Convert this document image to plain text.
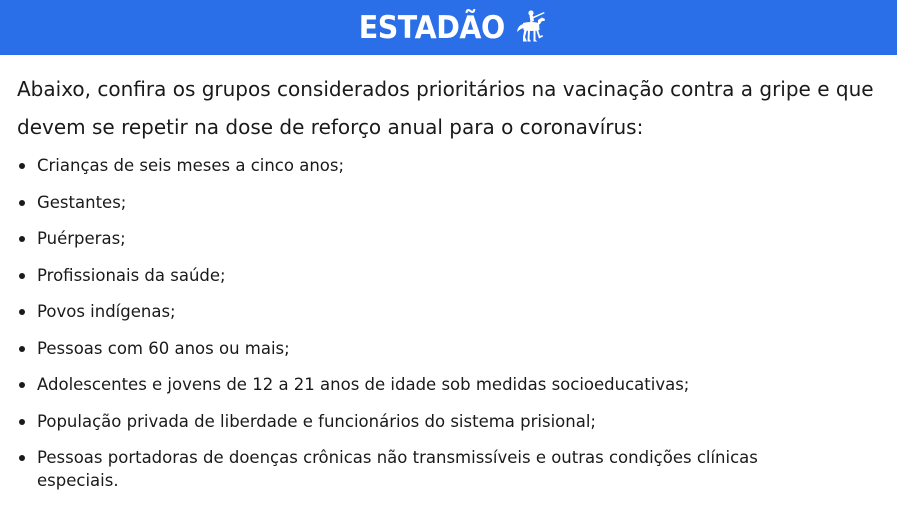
ESTADÃO

Abaixo, confira os grupos considerados prioritários na vacinação contra a gripe e que devem se repetir na dose de reforço anual para o coronavírus:

Crianças de seis meses a cinco anos;
Gestantes;
Puérperas;
Profissionais da saúde;
Povos indígenas;
Pessoas com 60 anos ou mais;
Adolescentes e jovens de 12 a 21 anos de idade sob medidas socioeducativas;
População privada de liberdade e funcionários do sistema prisional;
Pessoas portadoras de doenças crônicas não transmissíveis e outras condições clínicas especiais.
